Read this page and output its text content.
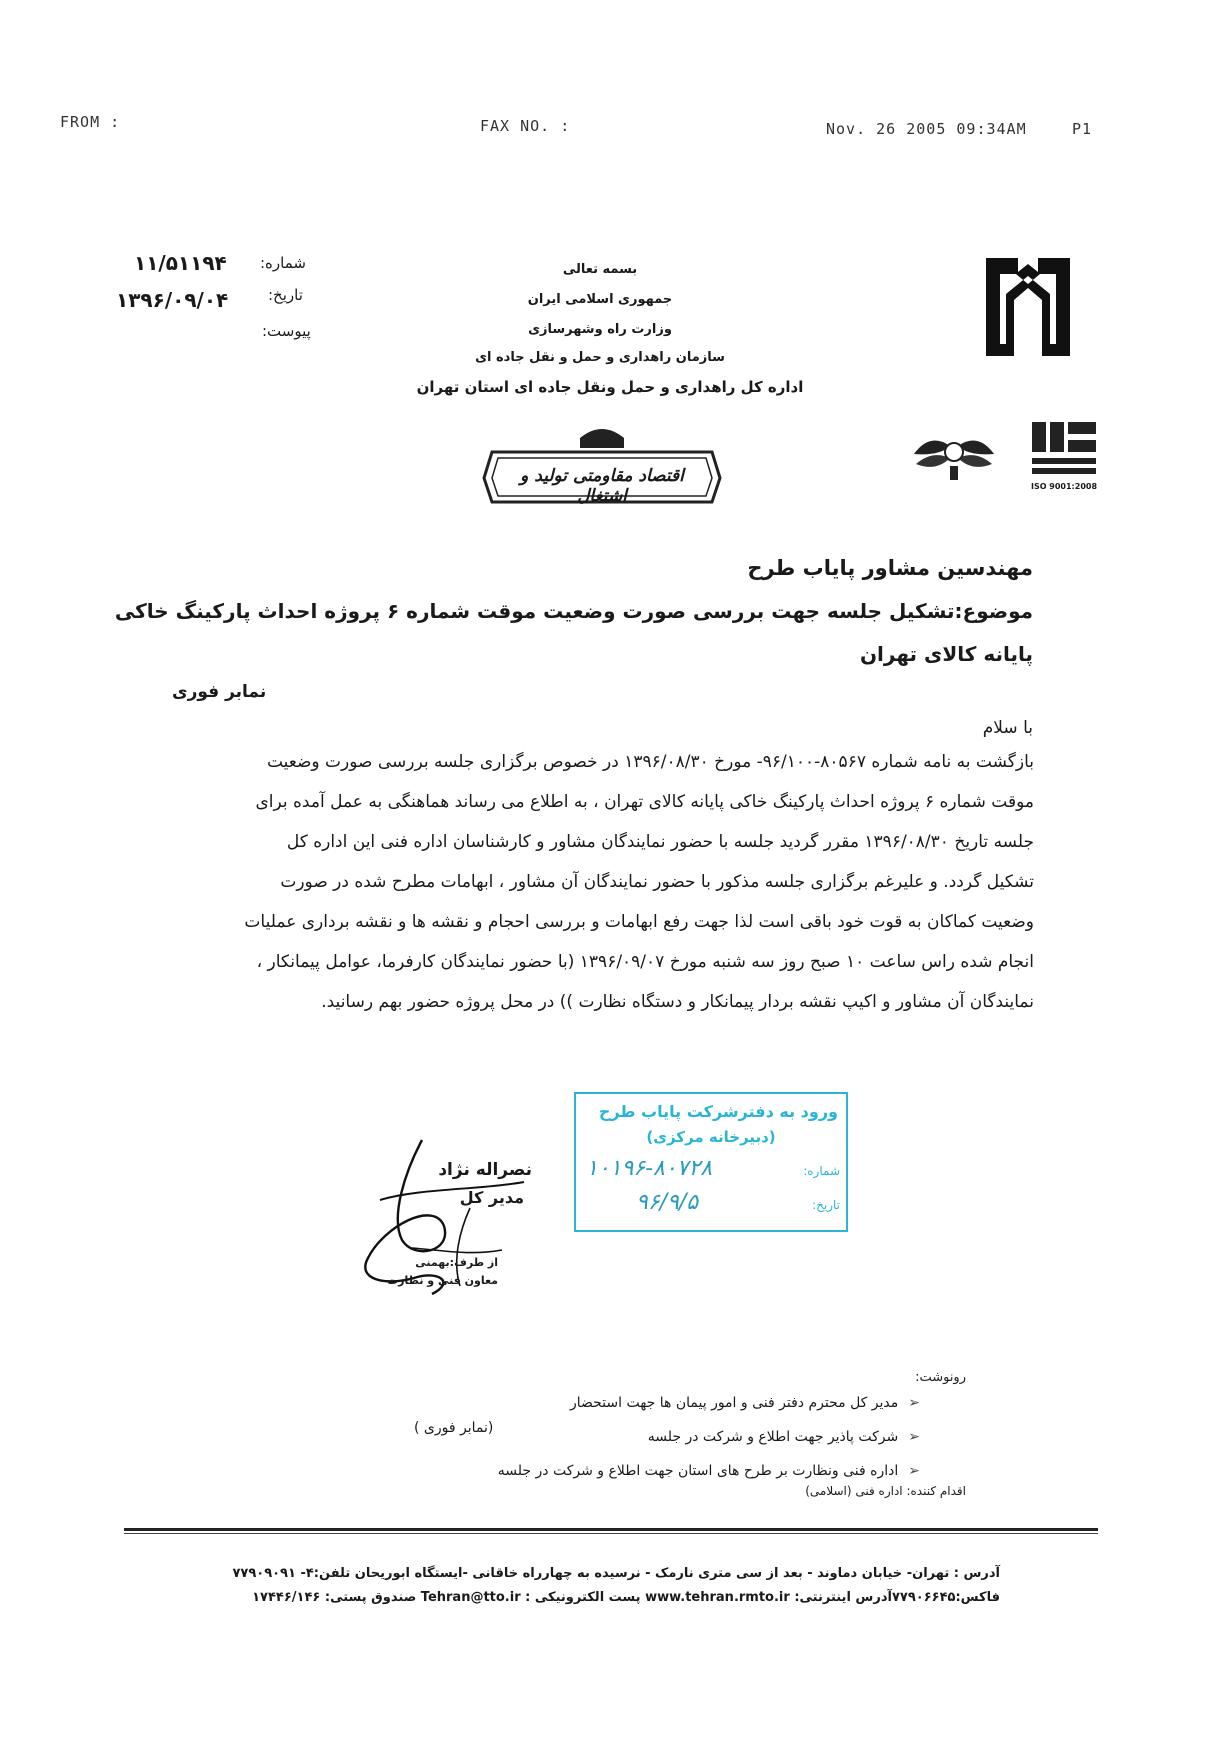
FROM :	FAX NO. :	Nov. 26 2005 09:34AM	P1
۱۱/۵۱۱۹۴ شماره:
۱۳۹۶/۰۹/۰۴	تاریخ:
پیوست:
بسمه تعالی
جمهوری اسلامی ایران
وزارت راه وشهرسازی
سازمان راهداری و حمل و نقل جاده ای
اداره کل راهداری و حمل ونقل جاده ای استان تهران
ISO 9001:2008
اقتصاد مقاومتی تولید و اشتغال
مهندسین مشاور پایاب طرح
موضوع:تشکیل جلسه جهت بررسی صورت وضعیت موقت شماره ۶ پروژه احداث پارکینگ خاکی
پایانه کالای تهران
نمابر فوری
با سلام

بازگشت به نامه شماره ۸۰۵۶۷-۹۶/۱۰۰- مورخ ۱۳۹۶/۰۸/۳۰ در خصوص برگزاری جلسه بررسی صورت وضعیت

موقت شماره ۶ پروژه احداث پارکینگ خاکی پایانه کالای تهران ، به اطلاع می رساند هماهنگی به عمل آمده برای

جلسه تاریخ ۱۳۹۶/۰۸/۳۰ مقرر گردید جلسه با حضور نمایندگان مشاور و کارشناسان اداره فنی این اداره کل

تشکیل گردد. و علیرغم برگزاری جلسه مذکور با حضور نمایندگان آن مشاور ، ابهامات مطرح شده در صورت

وضعیت کماکان به قوت خود باقی است لذا جهت رفع ابهامات و بررسی احجام و نقشه ها و نقشه برداری عملیات

انجام شده راس ساعت ۱۰ صبح روز سه شنبه مورخ ۱۳۹۶/۰۹/۰۷ (با حضور نمایندگان کارفرما، عوامل پیمانکار ،

نمایندگان آن مشاور و اکیپ نقشه بردار پیمانکار و دستگاه نظارت )) در محل پروژه حضور بهم رسانید.

ورود به دفترشرکت پایاب طرح
(دبیرخانه مرکزی)
شماره:
۱۰۱۹۶-۸۰۷۲۸
تاریخ:
۹۶/۹/۵
نصراله نژاد
مدیر کل
از طرف:بهمنی
معاون فنی و نظارت
رونوشت:
➢مدیر کل محترم دفتر فنی و امور پیمان ها جهت استحضار
➢شرکت پاذیر جهت اطلاع و شرکت در جلسه
➢اداره فنی ونظارت بر طرح های استان جهت اطلاع و شرکت در جلسه
(نمابر فوری )
اقدام کننده: اداره فنی (اسلامی)
آدرس : تهران- خیابان دماوند - بعد از سی متری نارمک - نرسیده به چهارراه خاقانی -ایستگاه ابوریحان تلفن:۴- ۷۷۹۰۹۰۹۱
فاکس:۷۷۹۰۶۶۴۵آدرس اینترنتی: www.tehran.rmto.ir پست الکترونیکی : Tehran@tto.ir صندوق پستی: ۱۷۴۴۶/۱۴۶
